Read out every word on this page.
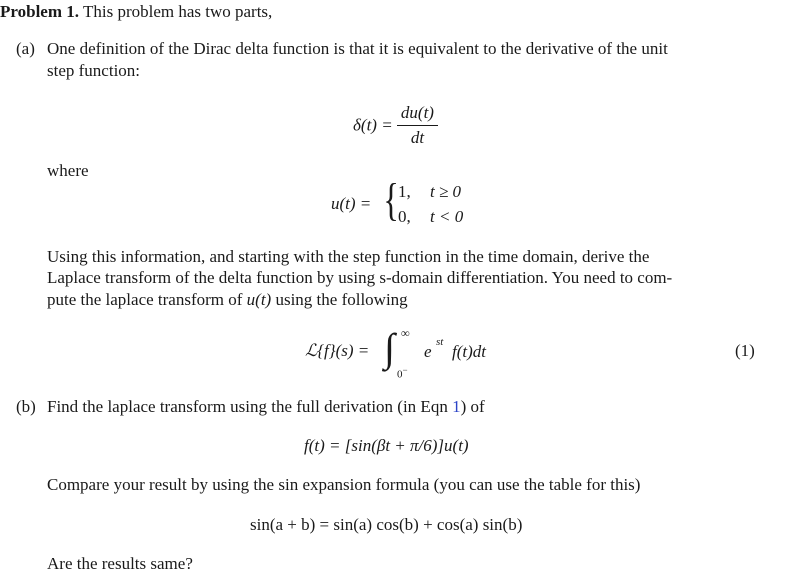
Problem 1. This problem has two parts,
(a) One definition of the Dirac delta function is that it is equivalent to the derivative of the unit
step function:
$\delta(t) = \frac{du(t)}{dt}$
where
u(t) = { 1, t ≥ 0
0, t < 0
Using this information, and starting with the step function in the time domain, derive the
Laplace transform of the delta function by using s-domain differentiation. You need to com-
pute the laplace transform of u(t) using the following
ℒ{f}(s) = ∫ ∞
0−
e st f(t)dt	(1)
(b) Find the laplace transform using the full derivation (in Eqn 1) of
f(t) = [sin(βt + π/6)]u(t)
Compare your result by using the sin expansion formula (you can use the table for this)
sin(a + b) = sin(a) cos(b) + cos(a) sin(b)
Are the results same?
